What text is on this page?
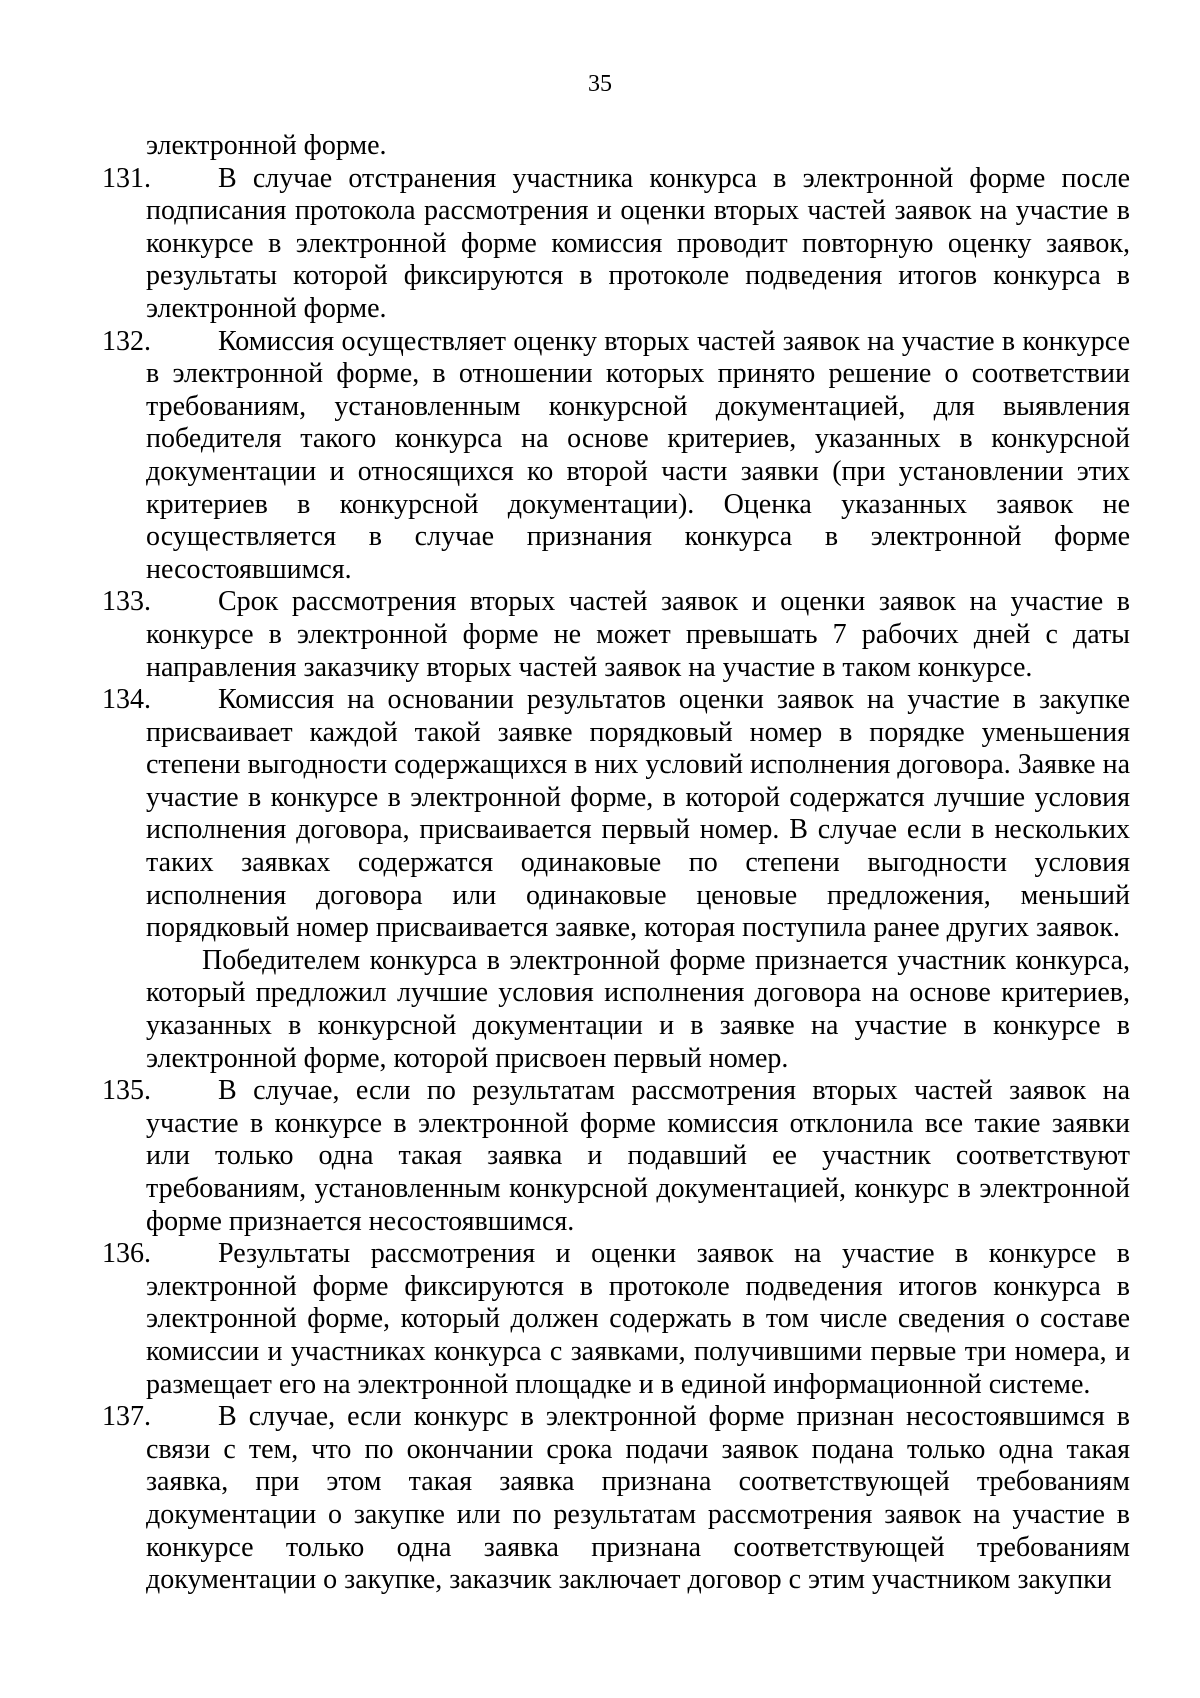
35

электронной форме.

131.	В случае отстранения участника конкурса в электронной форме после подписания протокола рассмотрения и оценки вторых частей заявок на участие в конкурсе в электронной форме комиссия проводит повторную оценку заявок, результаты которой фиксируются в протоколе подведения итогов конкурса в электронной форме.

132.	Комиссия осуществляет оценку вторых частей заявок на участие в конкурсе в электронной форме, в отношении которых принято решение о соответствии требованиям, установленным конкурсной документацией, для выявления победителя такого конкурса на основе критериев, указанных в конкурсной документации и относящихся ко второй части заявки (при установлении этих критериев в конкурсной документации). Оценка указанных заявок не осуществляется в случае признания конкурса в электронной форме несостоявшимся.

133.	Срок рассмотрения вторых частей заявок и оценки заявок на участие в конкурсе в электронной форме не может превышать 7 рабочих дней с даты направления заказчику вторых частей заявок на участие в таком конкурсе.

134.	Комиссия на основании результатов оценки заявок на участие в закупке присваивает каждой такой заявке порядковый номер в порядке уменьшения степени выгодности содержащихся в них условий исполнения договора. Заявке на участие в конкурсе в электронной форме, в которой содержатся лучшие условия исполнения договора, присваивается первый номер. В случае если в нескольких таких заявках содержатся одинаковые по степени выгодности условия исполнения договора или одинаковые ценовые предложения, меньший порядковый номер присваивается заявке, которая поступила ранее других заявок.

Победителем конкурса в электронной форме признается участник конкурса, который предложил лучшие условия исполнения договора на основе критериев, указанных в конкурсной документации и в заявке на участие в конкурсе в электронной форме, которой присвоен первый номер.

135.	В случае, если по результатам рассмотрения вторых частей заявок на участие в конкурсе в электронной форме комиссия отклонила все такие заявки или только одна такая заявка и подавший ее участник соответствуют требованиям, установленным конкурсной документацией, конкурс в электронной форме признается несостоявшимся.

136.	Результаты рассмотрения и оценки заявок на участие в конкурсе в электронной форме фиксируются в протоколе подведения итогов конкурса в электронной форме, который должен содержать в том числе сведения о составе комиссии и участниках конкурса с заявками, получившими первые три номера, и размещает его на электронной площадке и в единой информационной системе.

137.	В случае, если конкурс в электронной форме признан несостоявшимся в связи с тем, что по окончании срока подачи заявок подана только одна такая заявка, при этом такая заявка признана соответствующей требованиям документации о закупке или по результатам рассмотрения заявок на участие в конкурсе только одна заявка признана соответствующей требованиям документации о закупке, заказчик заключает договор с этим участником закупки
